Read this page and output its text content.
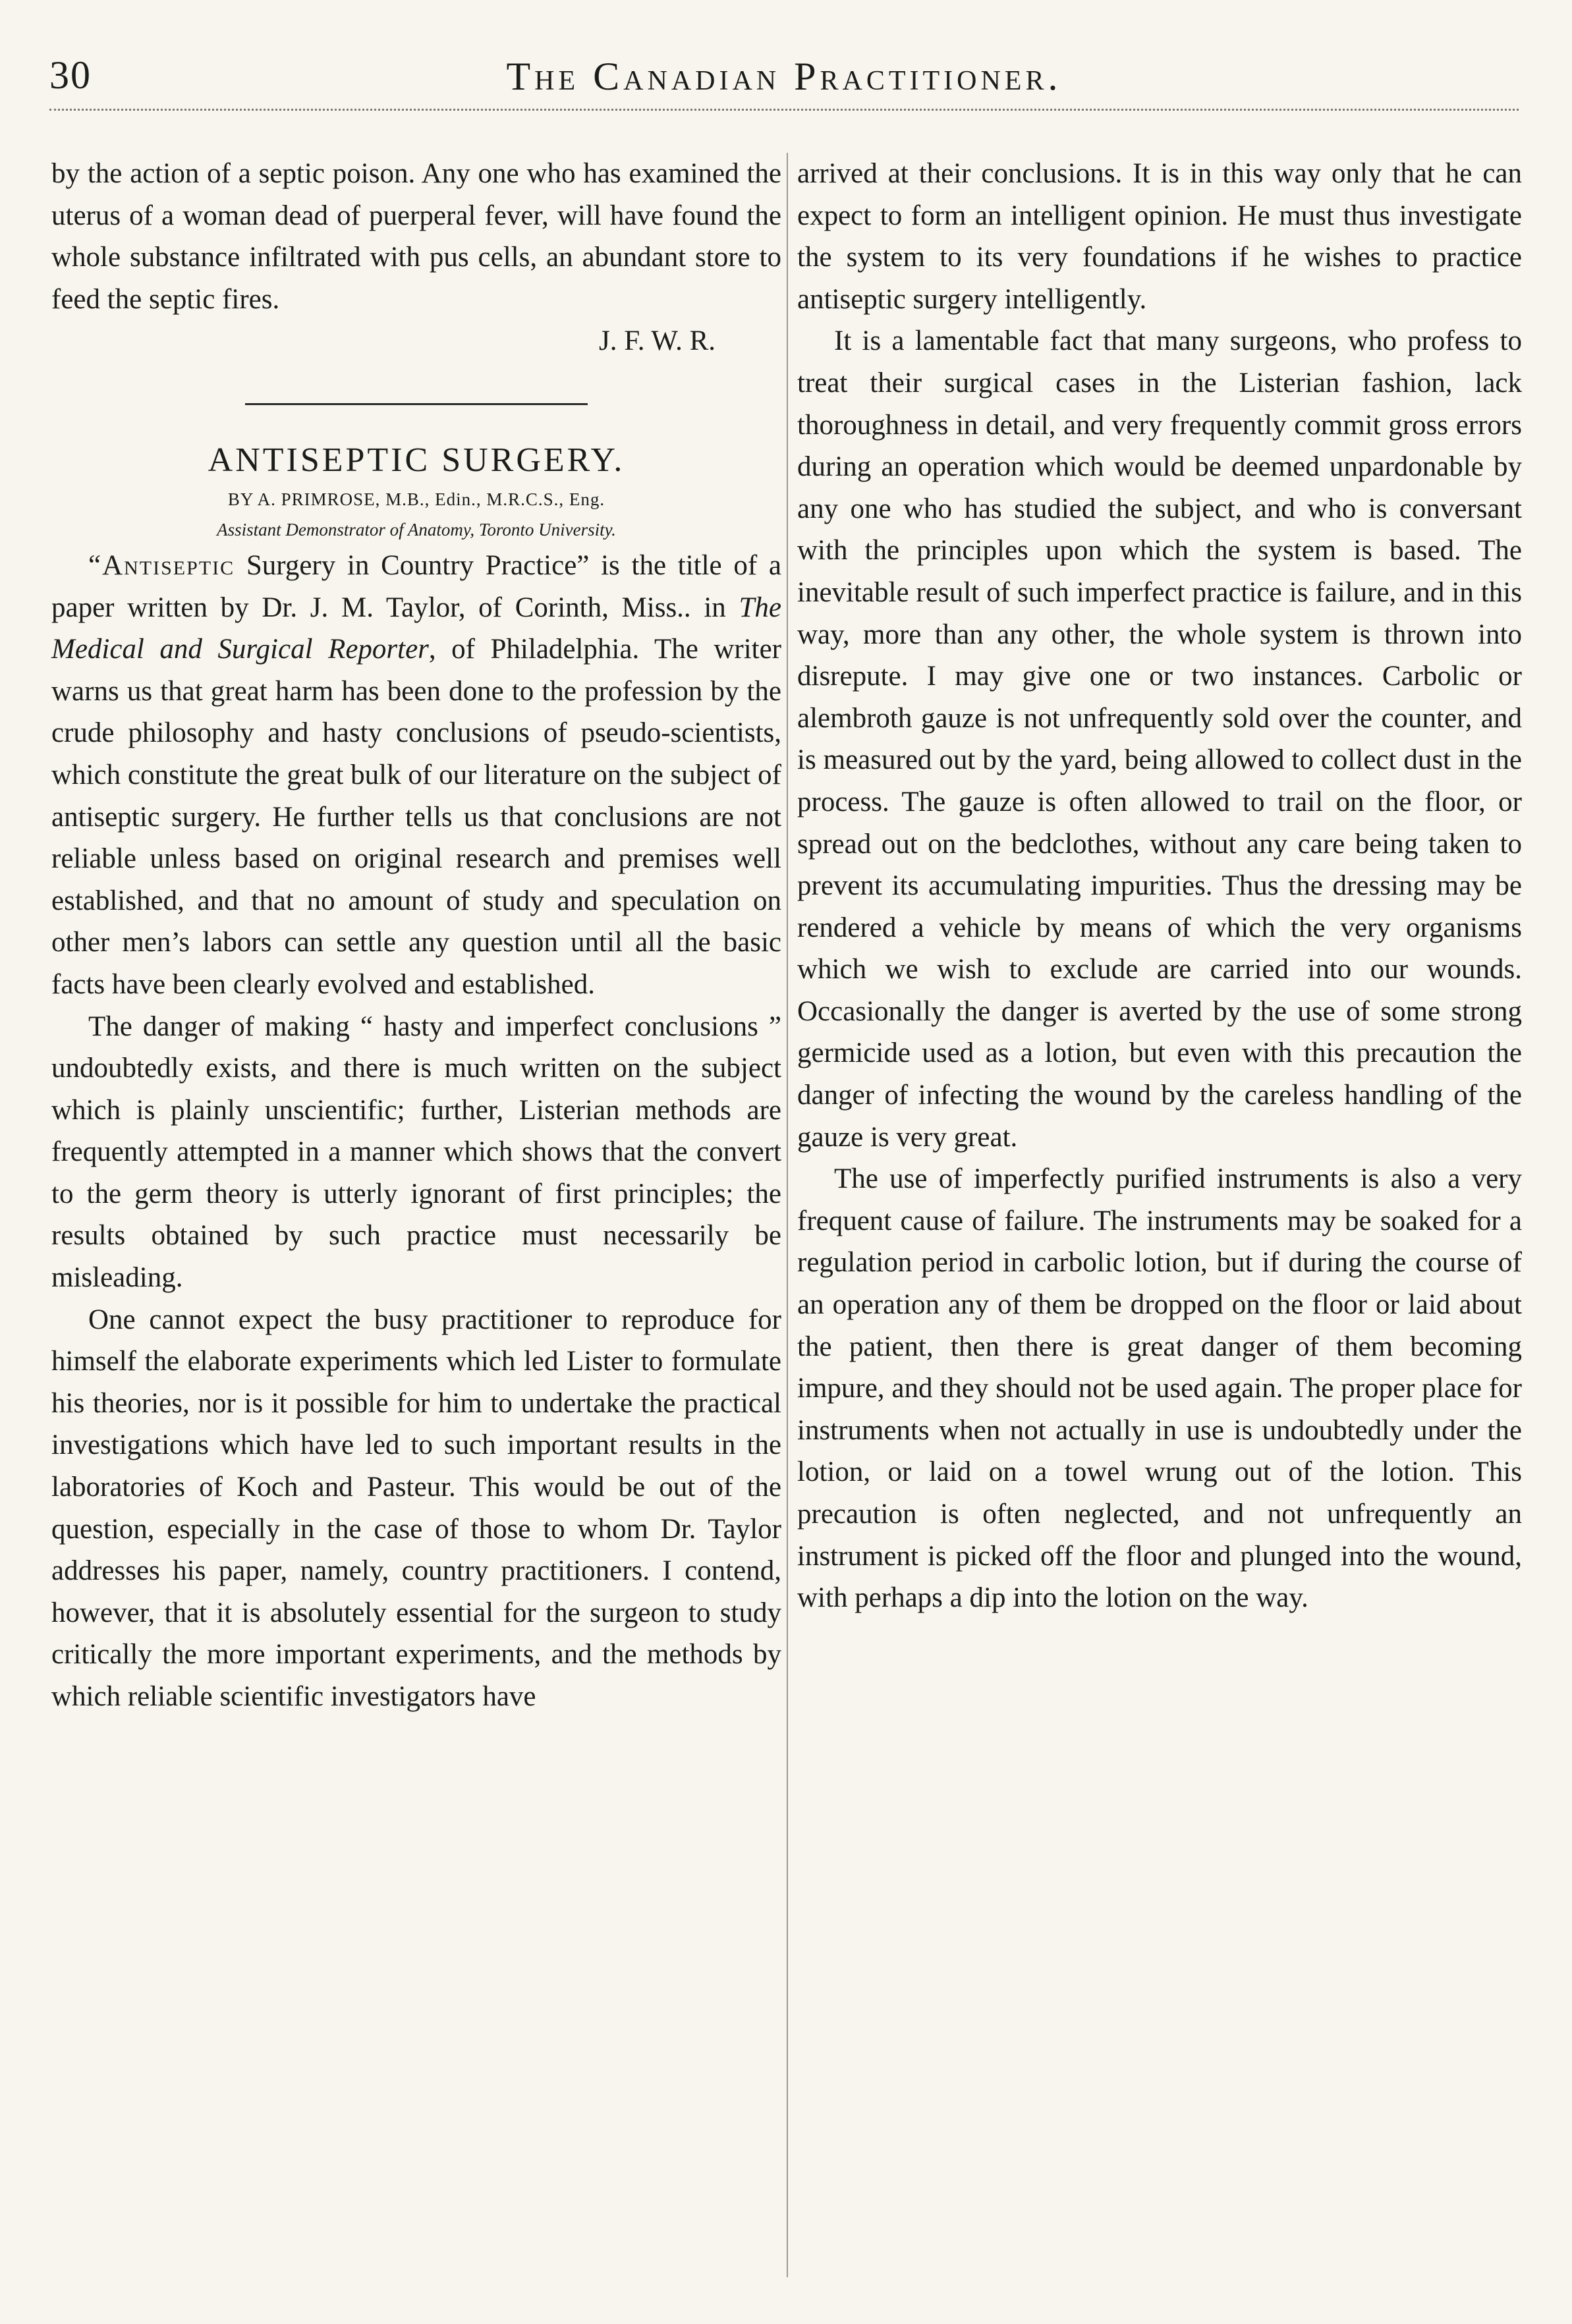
30	The Canadian Practitioner.

by the action of a septic poison. Any one who has examined the uterus of a woman dead of puerperal fever, will have found the whole substance infiltrated with pus cells, an abundant store to feed the septic fires.

J. F. W. R.

ANTISEPTIC SURGERY.

BY A. PRIMROSE, M.B., Edin., M.R.C.S., Eng.

Assistant Demonstrator of Anatomy, Toronto University.

“Antiseptic Surgery in Country Practice” is the title of a paper written by Dr. J. M. Taylor, of Corinth, Miss.. in The Medical and Surgical Reporter, of Philadelphia. The writer warns us that great harm has been done to the profession by the crude philosophy and hasty conclusions of pseudo-scientists, which constitute the great bulk of our literature on the subject of antiseptic surgery. He further tells us that conclusions are not reliable unless based on original research and premises well established, and that no amount of study and speculation on other men’s labors can settle any question until all the basic facts have been clearly evolved and established.

The danger of making “ hasty and imperfect conclusions ” undoubtedly exists, and there is much written on the subject which is plainly unscientific; further, Listerian methods are frequently attempted in a manner which shows that the convert to the germ theory is utterly ignorant of first principles; the results obtained by such practice must necessarily be misleading.

One cannot expect the busy practitioner to reproduce for himself the elaborate experiments which led Lister to formulate his theories, nor is it possible for him to undertake the practical investigations which have led to such important results in the laboratories of Koch and Pasteur. This would be out of the question, especially in the case of those to whom Dr. Taylor addresses his paper, namely, country practitioners. I contend, however, that it is absolutely essential for the surgeon to study critically the more important experiments, and the methods by which reliable scientific investigators have

arrived at their conclusions. It is in this way only that he can expect to form an intelligent opinion. He must thus investigate the system to its very foundations if he wishes to practice antiseptic surgery intelligently.

It is a lamentable fact that many surgeons, who profess to treat their surgical cases in the Listerian fashion, lack thoroughness in detail, and very frequently commit gross errors during an operation which would be deemed unpardonable by any one who has studied the subject, and who is conversant with the principles upon which the system is based. The inevitable result of such imperfect practice is failure, and in this way, more than any other, the whole system is thrown into disrepute. I may give one or two instances. Carbolic or alembroth gauze is not unfrequently sold over the counter, and is measured out by the yard, being allowed to collect dust in the process. The gauze is often allowed to trail on the floor, or spread out on the bedclothes, without any care being taken to prevent its accumulating impurities. Thus the dressing may be rendered a vehicle by means of which the very organisms which we wish to exclude are carried into our wounds. Occasionally the danger is averted by the use of some strong germicide used as a lotion, but even with this precaution the danger of infecting the wound by the careless handling of the gauze is very great.

The use of imperfectly purified instruments is also a very frequent cause of failure. The instruments may be soaked for a regulation period in carbolic lotion, but if during the course of an operation any of them be dropped on the floor or laid about the patient, then there is great danger of them becoming impure, and they should not be used again. The proper place for instruments when not actually in use is undoubtedly under the lotion, or laid on a towel wrung out of the lotion. This precaution is often neglected, and not unfrequently an instrument is picked off the floor and plunged into the wound, with perhaps a dip into the lotion on the way.
